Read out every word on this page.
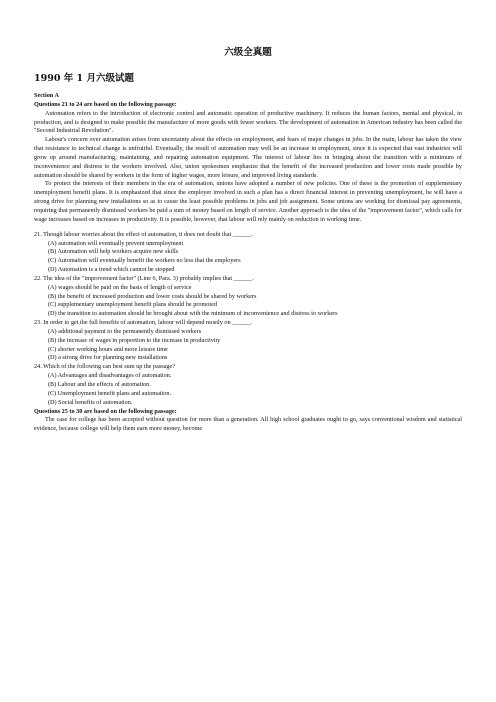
六级全真题
1990 年 1 月六级试题

Section A

Questions 21 to 24 are based on the following passage:

Automation refers to the introduction of electronic control and automatic operation of productive machinery. It reduces the human factors, mental and physical, in production, and is designed to make possible the manufacture of more goods with fewer workers. The development of automation in American industry has been called the "Second Industrial Revolution".

Labour's concern over automation arises from uncertainty about the effects on employment, and fears of major changes in jobs. In the main, labour has taken the view that resistance to technical change is unfruitful. Eventually, the result of automation may well be an increase in employment, since it is expected that vast industries will grow up around manufacturing, maintaining, and repairing automation equipment. The interest of labour lies in bringing about the transition with a minimum of inconvenience and distress to the workers involved. Also, union spokesmen emphasize that the benefit of the increased production and lower costs made possible by automation should be shared by workers in the form of higher wages, more leisure, and improved living standards.

To protect the interests of their members in the era of automation, unions have adopted a number of new policies. One of these is the promotion of supplementary unemployment benefit plans. It is emphasized that since the employer involved in such a plan has a direct financial interest in preventing unemployment, he will have a strong drive for planning new installations so as to cause the least possible problems in jobs and job assignment. Some unions are working for dismissal pay agreements, requiring that permanently dismissed workers be paid a sum of money based on length of service. Another approach is the idea of the "improvement factor", which calls for wage increases based on increases in productivity. It is possible, however, that labour will rely mainly on reduction in working time.

21. Though labour worries about the effect of automation, it does not doubt that ______.

(A) automation will eventually prevent unemployment

(B) Automation will help workers acquire new skills

(C) Automation will eventually benefit the workers no less that the employers

(D) Automation is a trend which cannot be stopped

22. The idea of the "improvement factor" (Line 6, Para. 3) probably implies that ______.

(A) wages should be paid on the basis of length of service

(B) the benefit of increased production and lower costs should be shared by workers

(C) supplementary unemployment benefit plans should be promoted

(D) the transition to automation should be brought about with the minimum of inconvenience and distress to workers

23. In order to get the full benefits of automation, labour will depend mostly on ______.

(A) additional payment to the permanently dismissed workers

(B) the increase of wages in proportion to the increase in productivity

(C) shorter working hours and more leisure time

(D) a strong drive for planning new installations

24. Which of the following can best sum up the passage?

(A) Advantages and disadvantages of automation.

(B) Labour and the effects of automation.

(C) Unemployment benefit plans and automation.

(D) Social benefits of automation.

Questions 25 to 30 are based on the following passage:

The case for college has been accepted without question for more than a generation. All high school graduates ought to go, says conventional wisdom and statistical evidence, because college will help them earn more money, become
